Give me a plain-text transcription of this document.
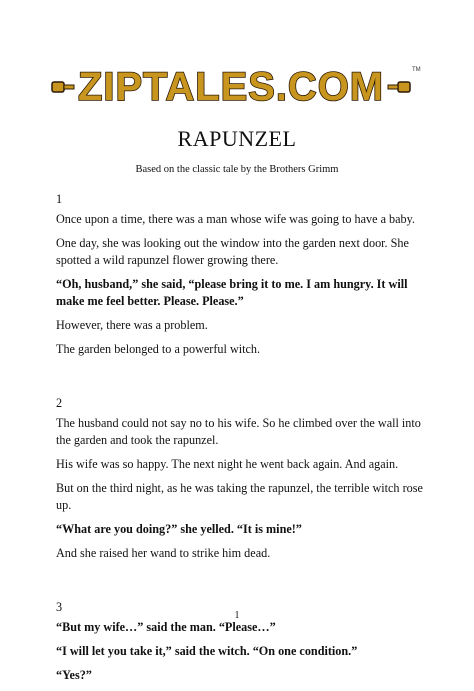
ZIPTALES.COM	TM
RAPUNZEL
Based on the classic tale by the Brothers Grimm

1

Once upon a time, there was a man whose wife was going to have a baby.

One day, she was looking out the window into the garden next door. She spotted a wild rapunzel flower growing there.

“Oh, husband,” she said, “please bring it to me. I am hungry. It will make me feel better. Please. Please.”

However, there was a problem.

The garden belonged to a powerful witch.

2

The husband could not say no to his wife. So he climbed over the wall into the garden and took the rapunzel.

His wife was so happy. The next night he went back again. And again.

But on the third night, as he was taking the rapunzel, the terrible witch rose up.

“What are you doing?” she yelled. “It is mine!”

And she raised her wand to strike him dead.

3

“But my wife…” said the man. “Please…”

“I will let you take it,” said the witch. “On one condition.”

“Yes?”

1
